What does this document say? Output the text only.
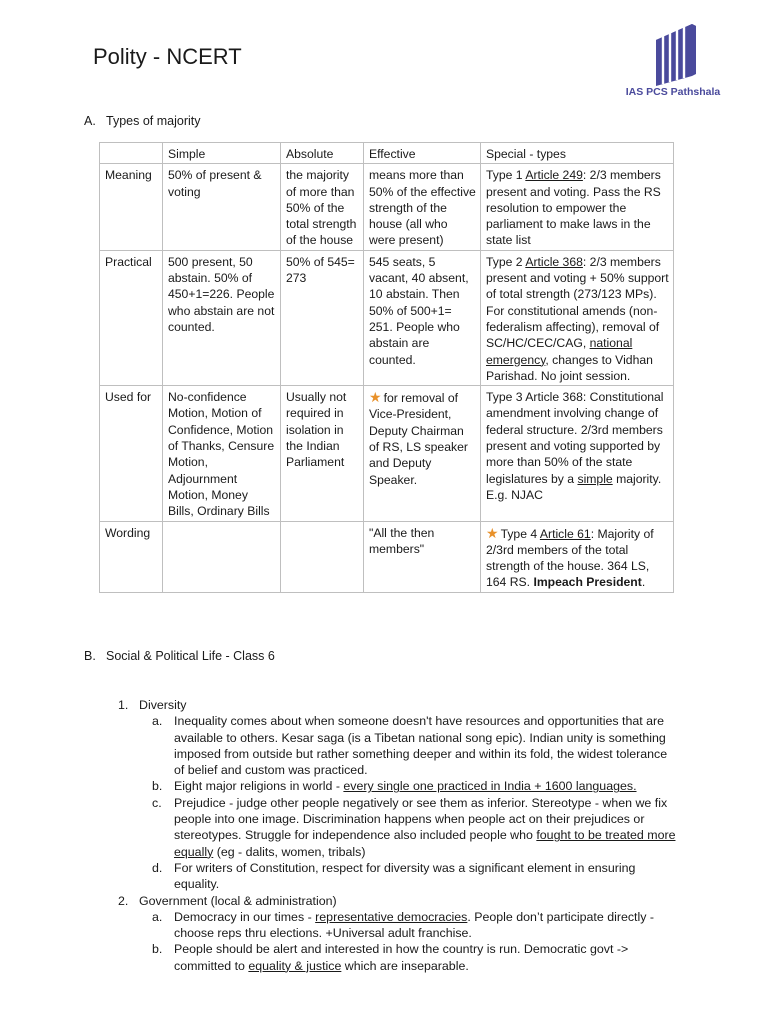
Polity - NCERT
IAS PCS Pathshala
A. Types of majority
	Simple	Absolute	Effective	Special - types
Meaning	50% of present & voting	the majority of more than 50% of the total strength of the house	means more than 50% of the effective strength of the house (all who were present)	Type 1 Article 249: 2/3 members present and voting. Pass the RS resolution to empower the parliament to make laws in the state list
Practical	500 present, 50 abstain. 50% of 450+1=226. People who abstain are not counted.	50% of 545= 273	545 seats, 5 vacant, 40 absent, 10 abstain. Then 50% of 500+1= 251. People who abstain are counted.	Type 2 Article 368: 2/3 members present and voting + 50% support of total strength (273/123 MPs). For constitutional amends (non-federalism affecting), removal of SC/HC/CEC/CAG, national emergency, changes to Vidhan Parishad. No joint session.
Used for	No-confidence Motion, Motion of Confidence, Motion of Thanks, Censure Motion, Adjournment Motion, Money Bills, Ordinary Bills	Usually not required in isolation in the Indian Parliament	★ for removal of Vice-President, Deputy Chairman of RS, LS speaker and Deputy Speaker.	Type 3 Article 368: Constitutional amendment involving change of federal structure. 2/3rd members present and voting supported by more than 50% of the state legislatures by a simple majority. E.g. NJAC
Wording			"All the then members"	★ Type 4 Article 61: Majority of 2/3rd members of the total strength of the house. 364 LS, 164 RS. Impeach President.
B. Social & Political Life - Class 6
1. Diversity
a. Inequality comes about when someone doesn't have resources and opportunities that are available to others. Kesar saga (is a Tibetan national song epic). Indian unity is something imposed from outside but rather something deeper and within its fold, the widest tolerance of belief and custom was practiced.
b. Eight major religions in world - every single one practiced in India + 1600 languages.
c. Prejudice - judge other people negatively or see them as inferior. Stereotype - when we fix people into one image. Discrimination happens when people act on their prejudices or stereotypes. Struggle for independence also included people who fought to be treated more equally (eg - dalits, women, tribals)
d. For writers of Constitution, respect for diversity was a significant element in ensuring equality.
2. Government (local & administration)
a. Democracy in our times - representative democracies. People don’t participate directly - choose reps thru elections. +Universal adult franchise.
b. People should be alert and interested in how the country is run. Democratic govt -> committed to equality & justice which are inseparable.
